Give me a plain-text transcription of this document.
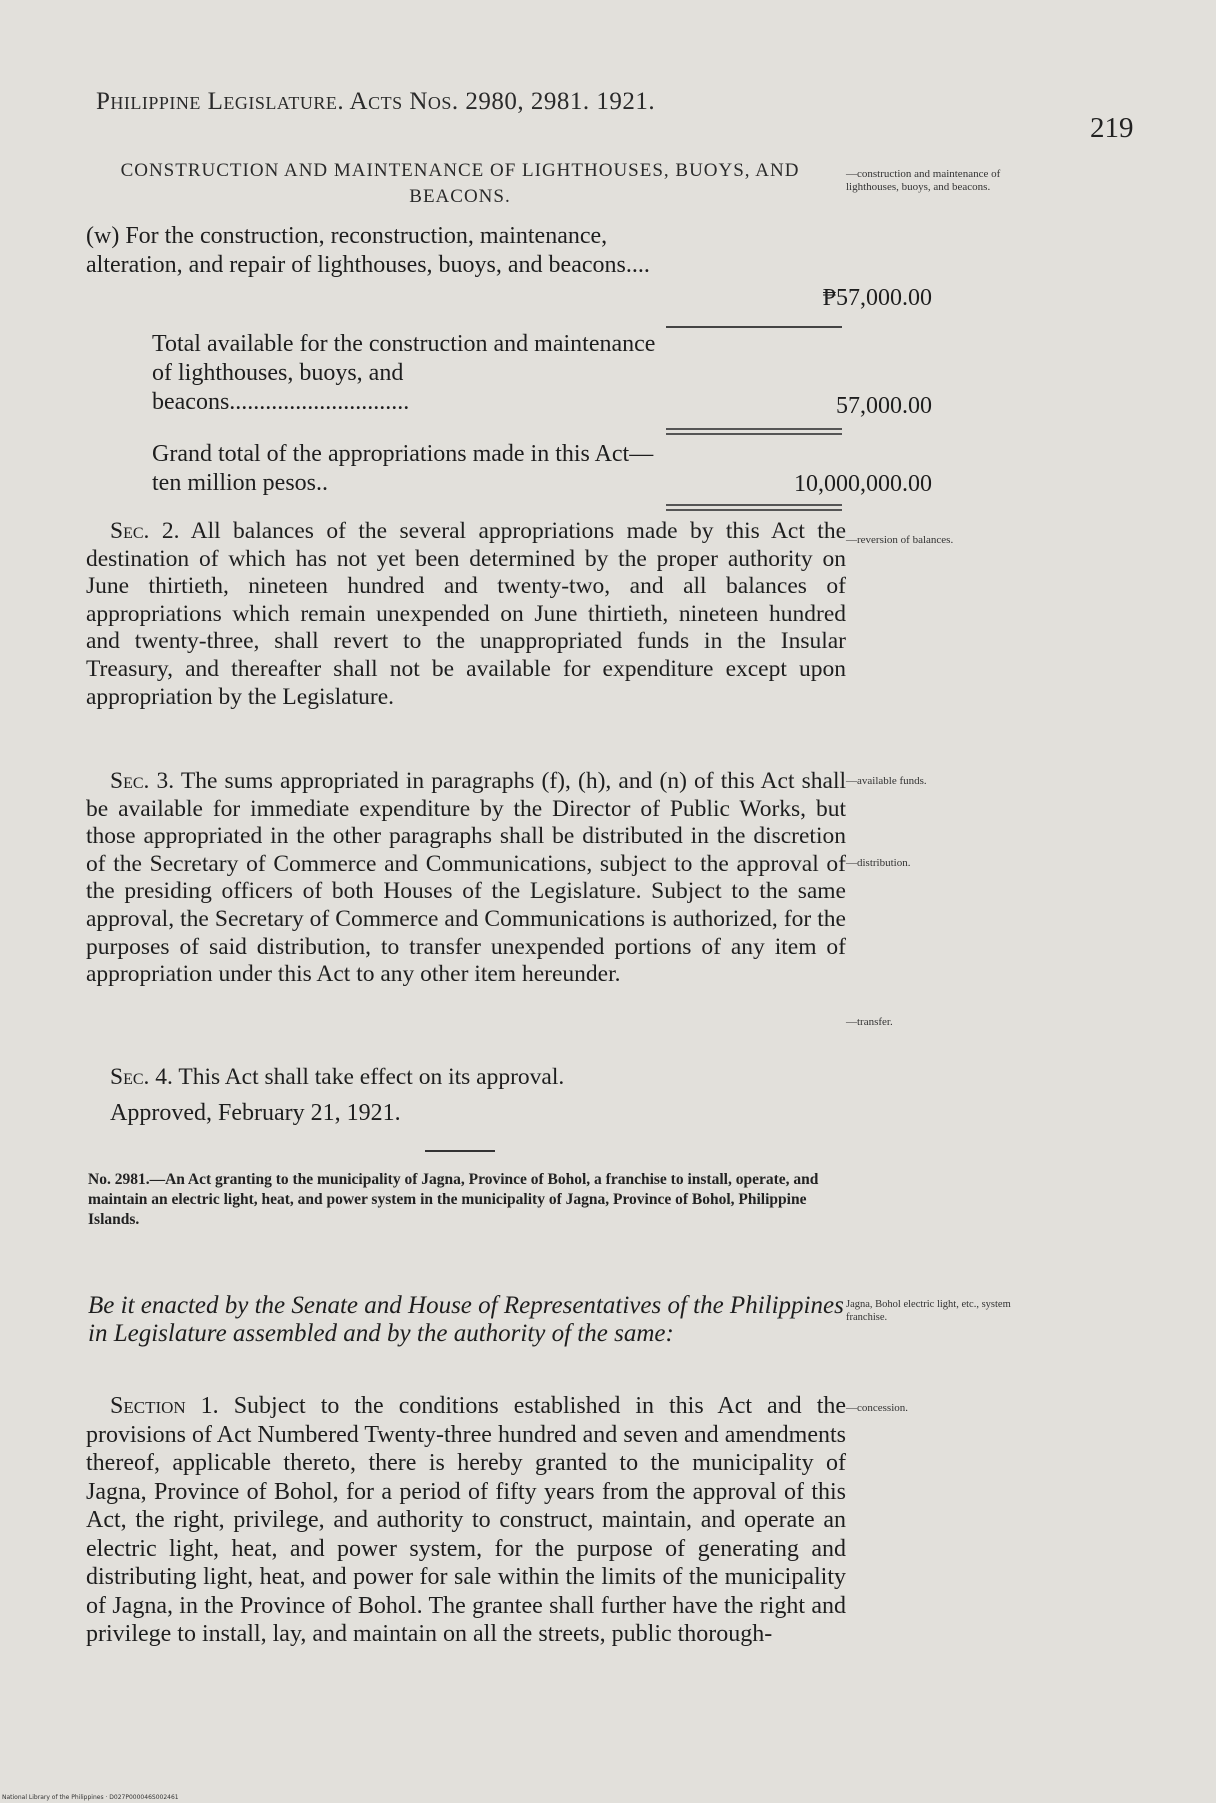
Philippine Legislature. Acts Nos. 2980, 2981. 1921.
219
CONSTRUCTION AND MAINTENANCE OF LIGHTHOUSES, BUOYS, AND BEACONS.
—construction and maintenance of lighthouses, buoys, and beacons.
(w) For the construction, reconstruction, maintenance, alteration, and repair of lighthouses, buoys, and beacons....
₱57,000.00
Total available for the construction and maintenance of lighthouses, buoys, and beacons..............................	57,000.00
Grand total of the appropriations made in this Act—ten million pesos..	10,000,000.00
Sec. 2. All balances of the several appropriations made by this Act the destination of which has not yet been determined by the proper authority on June thirtieth, nineteen hundred and twenty-two, and all balances of appropriations which remain unexpended on June thirtieth, nineteen hundred and twenty-three, shall revert to the unappropriated funds in the Insular Treasury, and thereafter shall not be available for expenditure except upon appropriation by the Legislature.
—reversion of balances.
Sec. 3. The sums appropriated in paragraphs (f), (h), and (n) of this Act shall be available for immediate expenditure by the Director of Public Works, but those appropriated in the other paragraphs shall be distributed in the discretion of the Secretary of Commerce and Communications, subject to the approval of the presiding officers of both Houses of the Legislature. Subject to the same approval, the Secretary of Commerce and Communications is authorized, for the purposes of said distribution, to transfer unexpended portions of any item of appropriation under this Act to any other item hereunder.
—available funds.
—distribution.
—transfer.
Sec. 4. This Act shall take effect on its approval.
Approved, February 21, 1921.
No. 2981.—An Act granting to the municipality of Jagna, Province of Bohol, a franchise to install, operate, and maintain an electric light, heat, and power system in the municipality of Jagna, Province of Bohol, Philippine Islands.
Be it enacted by the Senate and House of Representatives of the Philippines in Legislature assembled and by the authority of the same:
Jagna, Bohol electric light, etc., system franchise.
Section 1. Subject to the conditions established in this Act and the provisions of Act Numbered Twenty-three hundred and seven and amendments thereof, applicable thereto, there is hereby granted to the municipality of Jagna, Province of Bohol, for a period of fifty years from the approval of this Act, the right, privilege, and authority to construct, maintain, and operate an electric light, heat, and power system, for the purpose of generating and distributing light, heat, and power for sale within the limits of the municipality of Jagna, in the Province of Bohol. The grantee shall further have the right and privilege to install, lay, and maintain on all the streets, public thorough-
—concession.
National Library of the Philippines · D027P000046S002461
